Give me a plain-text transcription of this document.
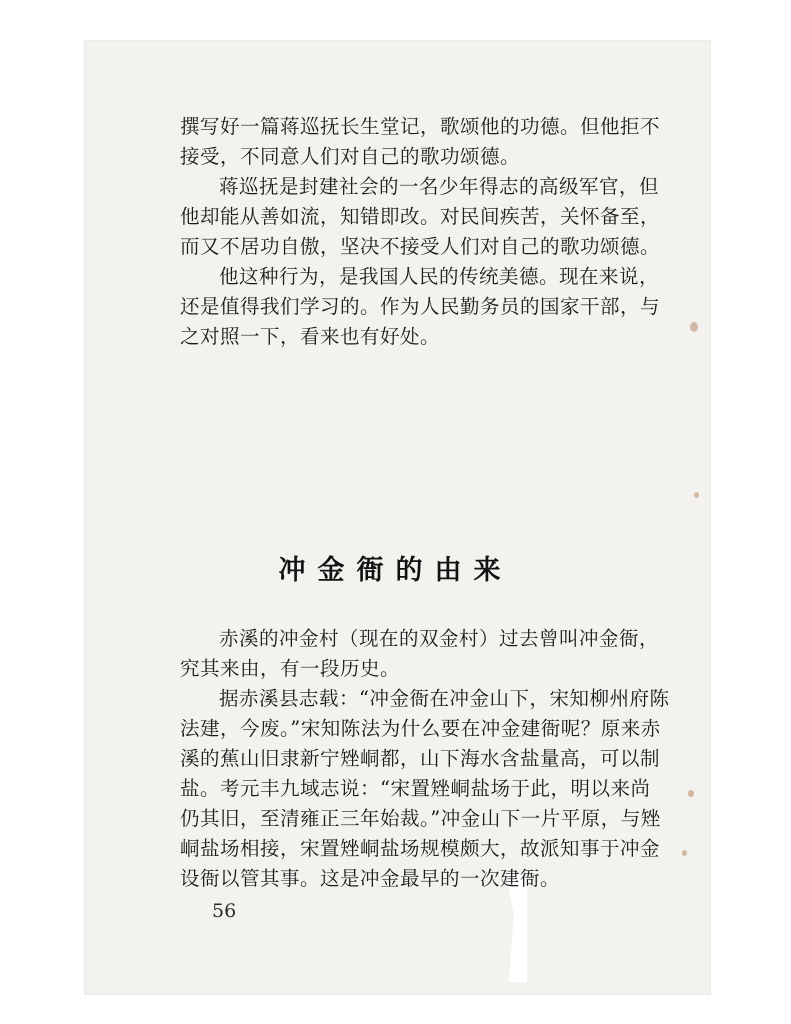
撰写好一篇蒋巡抚长生堂记，歌颂他的功德。但他拒不接受，不同意人们对自己的歌功颂德。

蒋巡抚是封建社会的一名少年得志的高级军官，但他却能从善如流，知错即改。对民间疾苦，关怀备至，而又不居功自傲，坚决不接受人们对自己的歌功颂德。

他这种行为，是我国人民的传统美德。现在来说，还是值得我们学习的。作为人民勤务员的国家干部，与之对照一下，看来也有好处。

冲金衙的由来

赤溪的冲金村（现在的双金村）过去曾叫冲金衙，究其来由，有一段历史。

据赤溪县志载：“冲金衙在冲金山下，宋知柳州府陈法建，今废。”宋知陈法为什么要在冲金建衙呢？原来赤溪的蕉山旧隶新宁矬峒都，山下海水含盐量高，可以制盐。考元丰九域志说：“宋置矬峒盐场于此，明以来尚仍其旧，至清雍正三年始裁。”冲金山下一片平原，与矬峒盐场相接，宋置矬峒盐场规模颇大，故派知事于冲金设衙以管其事。这是冲金最早的一次建衙。

56
